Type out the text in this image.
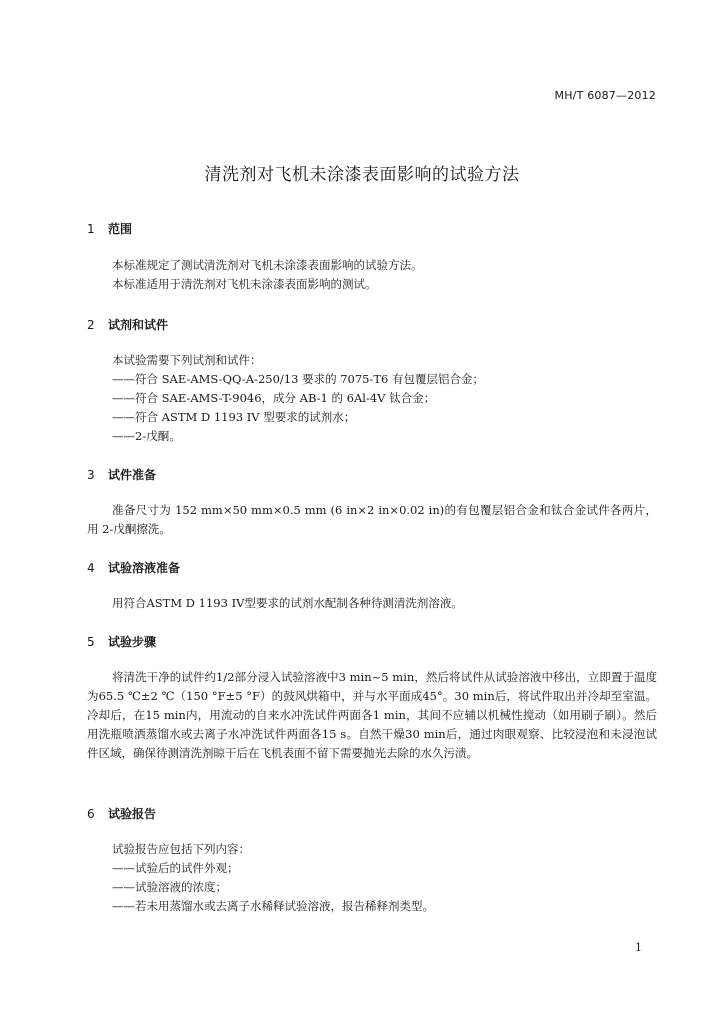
MH/T 6087—2012
清洗剂对飞机未涂漆表面影响的试验方法
1 范围
本标准规定了测试清洗剂对飞机未涂漆表面影响的试验方法。
本标准适用于清洗剂对飞机未涂漆表面影响的测试。
2 试剂和试件
本试验需要下列试剂和试件：
——符合 SAE-AMS-QQ-A-250/13 要求的 7075-T6 有包覆层铝合金；
——符合 SAE-AMS-T-9046，成分 AB-1 的 6Al-4V 钛合金；
——符合 ASTM D 1193 IV 型要求的试剂水；
——2-戊酮。
3 试件准备
准备尺寸为 152 mm×50 mm×0.5 mm (6 in×2 in×0.02 in)的有包覆层铝合金和钛合金试件各两片，用 2-戊酮擦洗。
4 试验溶液准备
用符合ASTM D 1193 IV型要求的试剂水配制各种待测清洗剂溶液。
5 试验步骤
将清洗干净的试件约1/2部分浸入试验溶液中3 min~5 min，然后将试件从试验溶液中移出，立即置于温度为65.5 ℃±2 ℃（150 °F±5 °F）的鼓风烘箱中，并与水平面成45°。30 min后，将试件取出并冷却至室温。冷却后，在15 min内，用流动的自来水冲洗试件两面各1 min，其间不应辅以机械性搅动（如用刷子刷）。然后用洗瓶喷洒蒸馏水或去离子水冲洗试件两面各15 s。自然干燥30 min后，通过肉眼观察、比较浸泡和未浸泡试件区域，确保待测清洗剂晾干后在飞机表面不留下需要抛光去除的水久污渍。
6 试验报告
试验报告应包括下列内容：
——试验后的试件外观；
——试验溶液的浓度；
——若未用蒸馏水或去离子水稀释试验溶液，报告稀释剂类型。
1
